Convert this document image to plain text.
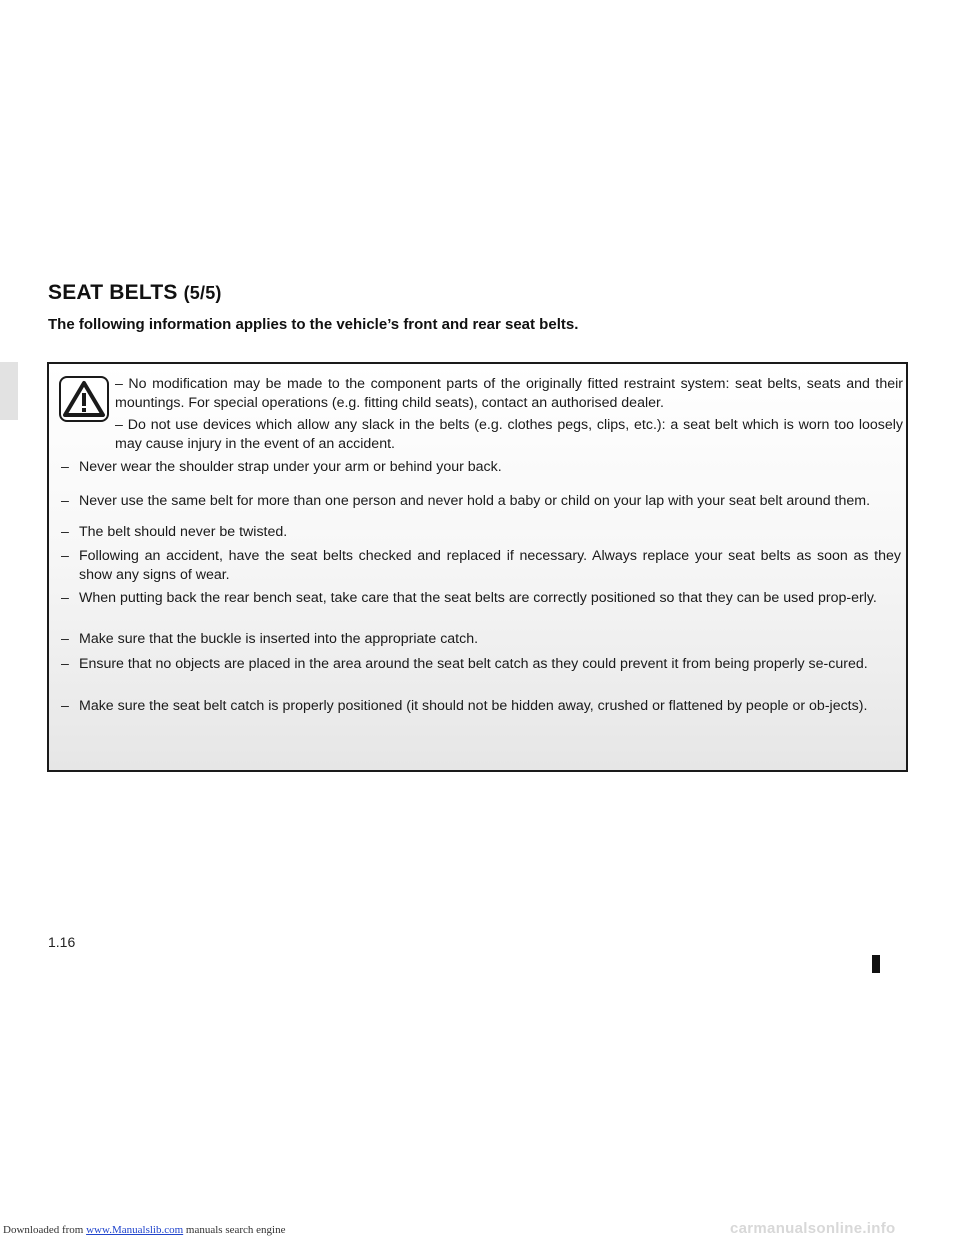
SEAT BELTS (5/5)

The following information applies to the vehicle’s front and rear seat belts.

– No modification may be made to the component parts of the originally fitted restraint system: seat belts, seats and their mountings. For special operations (e.g. fitting child seats), contact an authorised dealer.

– Do not use devices which allow any slack in the belts (e.g. clothes pegs, clips, etc.): a seat belt which is worn too loosely may cause injury in the event of an accident.

– Never wear the shoulder strap under your arm or behind your back.
– Never use the same belt for more than one person and never hold a baby or child on your lap with your seat belt around them.
– The belt should never be twisted.
– Following an accident, have the seat belts checked and replaced if necessary. Always replace your seat belts as soon as they show any signs of wear.
– When putting back the rear bench seat, take care that the seat belts are correctly positioned so that they can be used prop-erly.
– Make sure that the buckle is inserted into the appropriate catch.
– Ensure that no objects are placed in the area around the seat belt catch as they could prevent it from being properly se-cured.
– Make sure the seat belt catch is properly positioned (it should not be hidden away, crushed or flattened by people or ob-jects).

1.16

Downloaded from www.Manualslib.com manuals search engine	carmanualsonline.info
